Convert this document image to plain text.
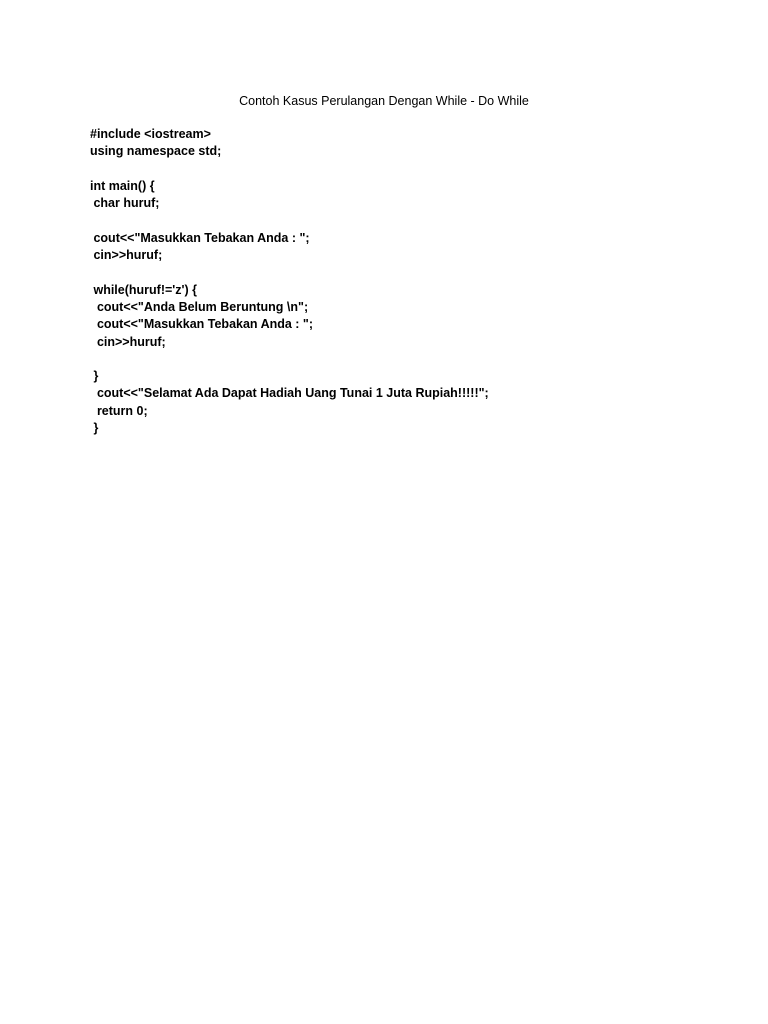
Contoh Kasus Perulangan Dengan While - Do While
#include <iostream>
using namespace std;
int main() {
char huruf;
cout<<"Masukkan Tebakan Anda : ";
cin>>huruf;
while(huruf!='z') {
cout<<"Anda Belum Beruntung \n";
cout<<"Masukkan Tebakan Anda : ";
cin>>huruf;
}
cout<<"Selamat Ada Dapat Hadiah Uang Tunai 1 Juta Rupiah!!!!!";
return 0;
}
